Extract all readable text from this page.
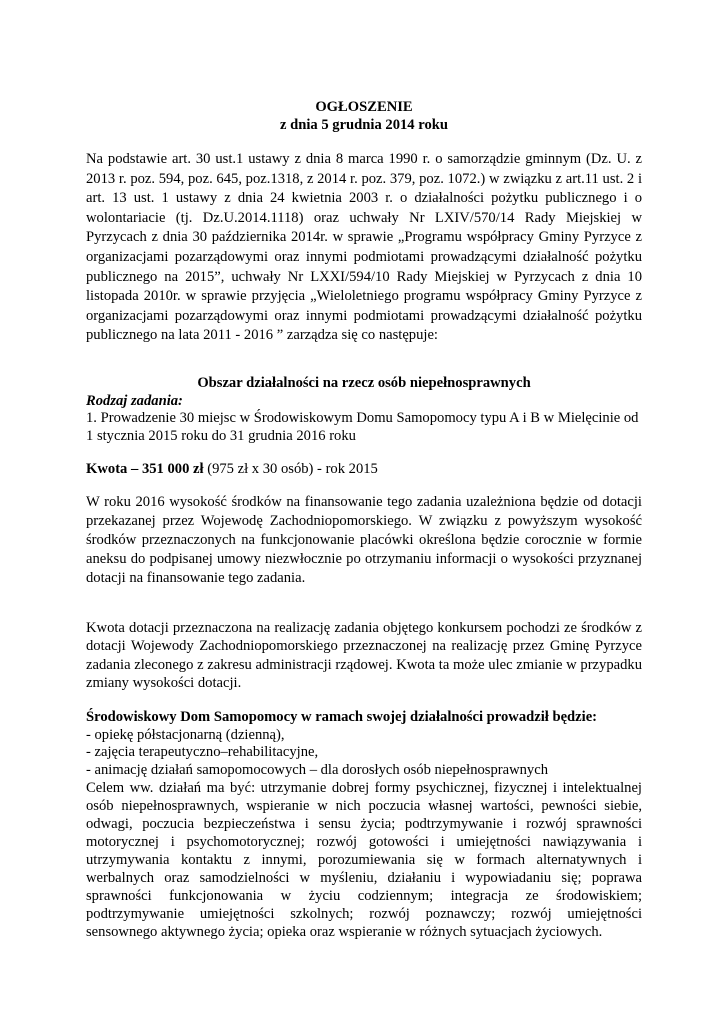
OGŁOSZENIE
z dnia 5 grudnia 2014 roku

Na podstawie art. 30 ust.1 ustawy z dnia 8 marca 1990 r. o samorządzie gminnym (Dz. U. z 2013 r. poz. 594, poz. 645, poz.1318, z 2014 r. poz. 379, poz. 1072.) w związku z art.11 ust. 2 i art. 13 ust. 1 ustawy z dnia 24 kwietnia 2003 r. o działalności pożytku publicznego i o wolontariacie (tj. Dz.U.2014.1118) oraz uchwały Nr LXIV/570/14 Rady Miejskiej w Pyrzycach z dnia 30 października 2014r. w sprawie „Programu współpracy Gminy Pyrzyce z organizacjami pozarządowymi oraz innymi podmiotami prowadzącymi działalność pożytku publicznego na 2015”, uchwały Nr LXXI/594/10 Rady Miejskiej w Pyrzycach z dnia 10 listopada 2010r. w sprawie przyjęcia „Wieloletniego programu współpracy Gminy Pyrzyce z organizacjami pozarządowymi oraz innymi podmiotami prowadzącymi działalność pożytku publicznego na lata 2011 - 2016 ” zarządza się co następuje:

Obszar działalności na rzecz osób niepełnosprawnych
Rodzaj zadania:

1. Prowadzenie 30 miejsc w Środowiskowym Domu Samopomocy typu A i B w Mielęcinie od 1 stycznia 2015 roku do 31 grudnia 2016 roku

Kwota – 351 000 zł (975 zł x 30 osób) - rok 2015

W roku 2016 wysokość środków na finansowanie tego zadania uzależniona będzie od dotacji przekazanej przez Wojewodę Zachodniopomorskiego. W związku z powyższym wysokość środków przeznaczonych na funkcjonowanie placówki określona będzie corocznie w formie aneksu do podpisanej umowy niezwłocznie po otrzymaniu informacji o wysokości przyznanej dotacji na finansowanie tego zadania.

Kwota dotacji przeznaczona na realizację zadania objętego konkursem pochodzi ze środków z dotacji Wojewody Zachodniopomorskiego przeznaczonej na realizację przez Gminę Pyrzyce zadania zleconego z zakresu administracji rządowej. Kwota ta może ulec zmianie w przypadku zmiany wysokości dotacji.

Środowiskowy Dom Samopomocy w ramach swojej działalności prowadził będzie:
- opiekę półstacjonarną (dzienną),
- zajęcia terapeutyczno–rehabilitacyjne,
- animację działań samopomocowych – dla dorosłych osób niepełnosprawnych

Celem ww. działań ma być: utrzymanie dobrej formy psychicznej, fizycznej i intelektualnej osób niepełnosprawnych, wspieranie w nich poczucia własnej wartości, pewności siebie, odwagi, poczucia bezpieczeństwa i sensu życia; podtrzymywanie i rozwój sprawności motorycznej i psychomotorycznej; rozwój gotowości i umiejętności nawiązywania i utrzymywania kontaktu z innymi, porozumiewania się w formach alternatywnych i werbalnych oraz samodzielności w myśleniu, działaniu i wypowiadaniu się; poprawa sprawności funkcjonowania w życiu codziennym; integracja ze środowiskiem; podtrzymywanie umiejętności szkolnych; rozwój poznawczy; rozwój umiejętności sensownego aktywnego życia; opieka oraz wspieranie w różnych sytuacjach życiowych.
